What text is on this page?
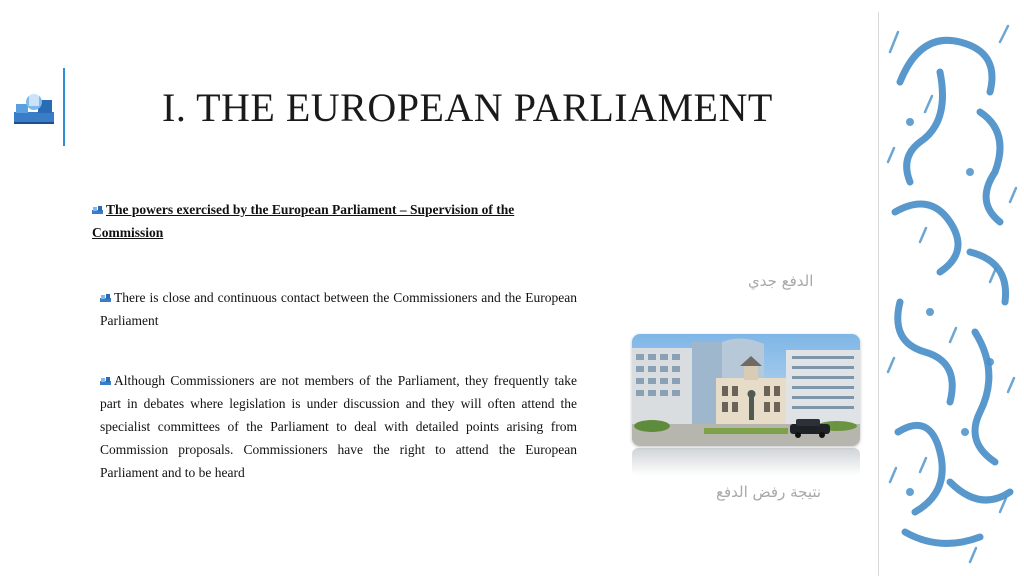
I. THE EUROPEAN PARLIAMENT
The powers exercised by the European Parliament – Supervision of the
Commission
There is close and continuous contact between the Commissioners and the European Parliament
Although Commissioners are not members of the Parliament, they frequently take part in debates where legislation is under discussion and they will often attend the specialist committees of the Parliament to deal with detailed points arising from Commission proposals. Commissioners have the right to attend the European Parliament and to be heard
الدفع جدي
نتيجة رفض الدفع
